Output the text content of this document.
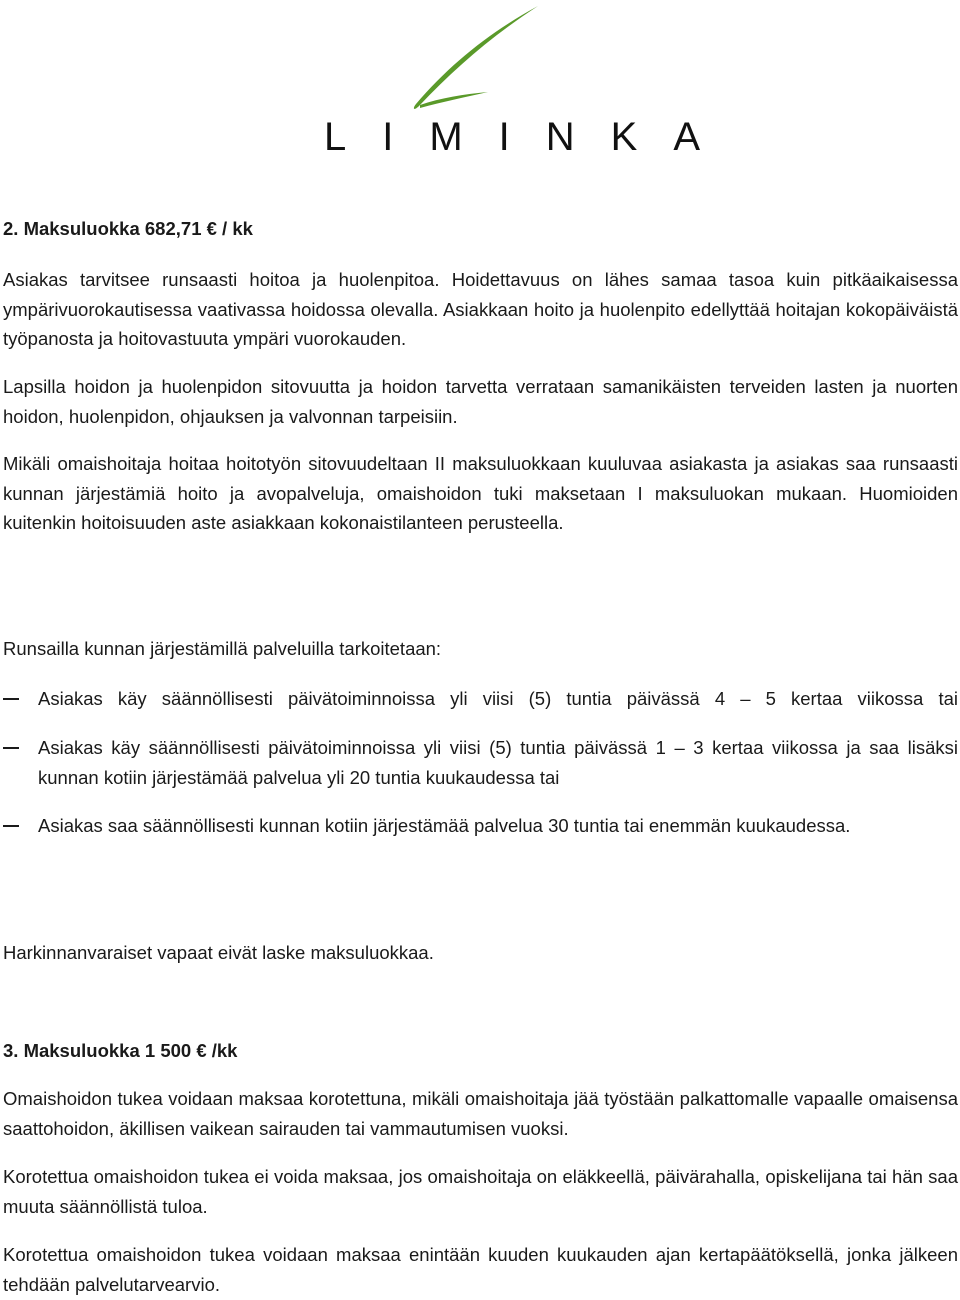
LIMINKA
2. Maksuluokka 682,71 € / kk

Asiakas tarvitsee runsaasti hoitoa ja huolenpitoa. Hoidettavuus on lähes samaa tasoa kuin pitkäaikaisessa ympärivuorokautisessa vaativassa hoidossa olevalla. Asiakkaan hoito ja huolenpito edellyttää hoitajan kokopäiväistä työpanosta ja hoitovastuuta ympäri vuorokauden.

Lapsilla hoidon ja huolenpidon sitovuutta ja hoidon tarvetta verrataan samanikäisten terveiden lasten ja nuorten hoidon, huolenpidon, ohjauksen ja valvonnan tarpeisiin.

Mikäli omaishoitaja hoitaa hoitotyön sitovuudeltaan II maksuluokkaan kuuluvaa asiakasta ja asiakas saa runsaasti kunnan järjestämiä hoito ja avopalveluja, omaishoidon tuki maksetaan I maksuluokan mukaan. Huomioiden kuitenkin hoitoisuuden aste asiakkaan kokonaistilanteen perusteella.

Runsailla kunnan järjestämillä palveluilla tarkoitetaan:

Asiakas käy säännöllisesti päivätoiminnoissa yli viisi (5) tuntia päivässä 4 – 5 kertaa viikossa tai

Asiakas käy säännöllisesti päivätoiminnoissa yli viisi (5) tuntia päivässä 1 – 3 kertaa viikossa ja saa lisäksi kunnan kotiin järjestämää palvelua yli 20 tuntia kuukaudessa tai

Asiakas saa säännöllisesti kunnan kotiin järjestämää palvelua 30 tuntia tai enemmän kuukaudessa.

Harkinnanvaraiset vapaat eivät laske maksuluokkaa.

3. Maksuluokka 1 500 € /kk

Omaishoidon tukea voidaan maksaa korotettuna, mikäli omaishoitaja jää työstään palkattomalle vapaalle omaisensa saattohoidon, äkillisen vaikean sairauden tai vammautumisen vuoksi.

Korotettua omaishoidon tukea ei voida maksaa, jos omaishoitaja on eläkkeellä, päivärahalla, opiskelijana tai hän saa muuta säännöllistä tuloa.

Korotettua omaishoidon tukea voidaan maksaa enintään kuuden kuukauden ajan kertapäätöksellä, jonka jälkeen tehdään palvelutarvearvio.
